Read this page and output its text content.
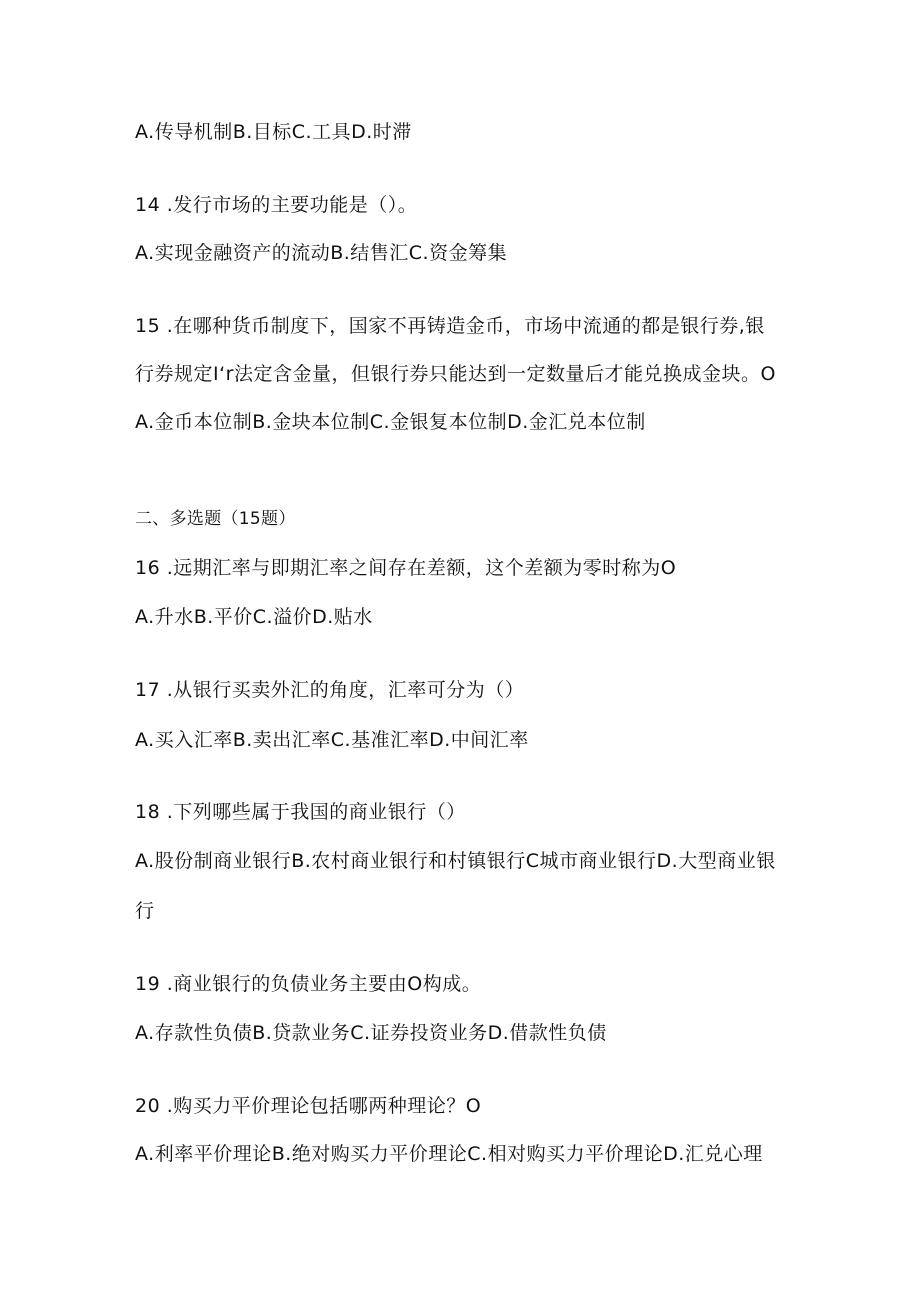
A.传导机制B.目标C.工具D.时滞
14 .发行市场的主要功能是（）。
A.实现金融资产的流动B.结售汇C.资金筹集
15 .在哪种货币制度下，国家不再铸造金币，市场中流通的都是银行券,银
行券规定I‘r法定含金量，但银行券只能达到一定数量后才能兑换成金块。O
A.金币本位制B.金块本位制C.金银复本位制D.金汇兑本位制
二、多选题（15题）
16 .远期汇率与即期汇率之间存在差额，这个差额为零时称为O
A.升水B.平价C.溢价D.贴水
17 .从银行买卖外汇的角度，汇率可分为（）
A.买入汇率B.卖出汇率C.基准汇率D.中间汇率
18 .下列哪些属于我国的商业银行（）
A.股份制商业银行B.农村商业银行和村镇银行C城市商业银行D.大型商业银
行
19 .商业银行的负债业务主要由O构成。
A.存款性负债B.贷款业务C.证券投资业务D.借款性负债
20 .购买力平价理论包括哪两种理论？O
A.利率平价理论B.绝对购买力平价理论C.相对购买力平价理论D.汇兑心理
